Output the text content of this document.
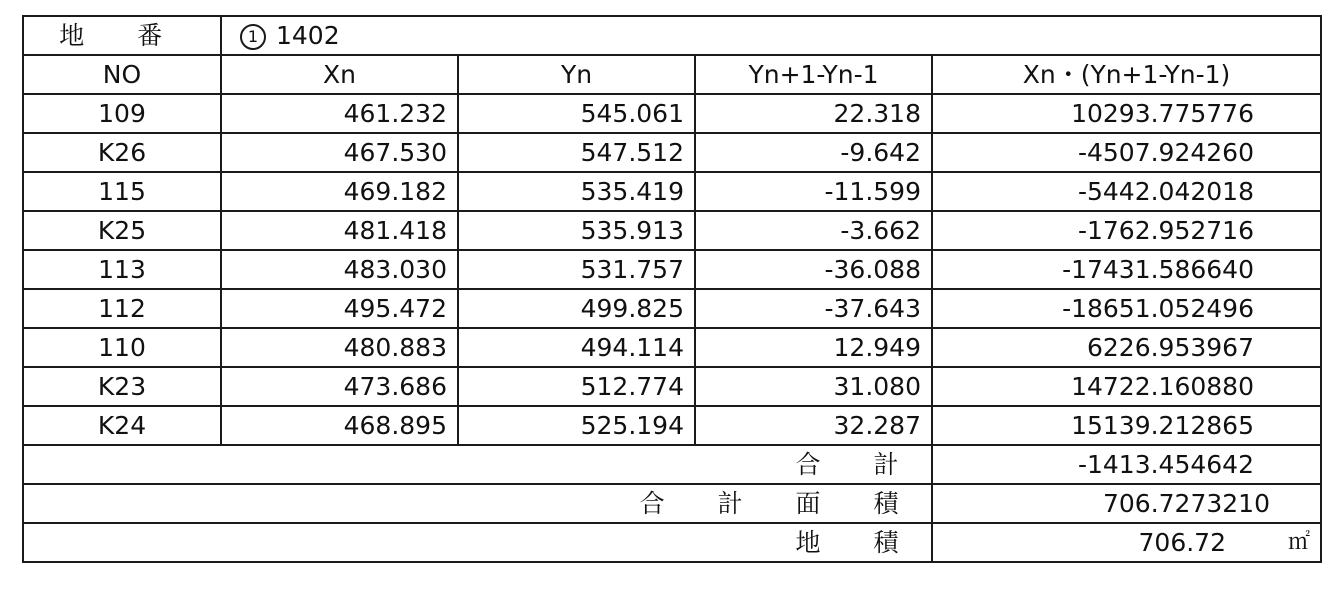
地 番	1 1402			
NO	Xn	Yn	Yn+1-Yn-1	Xn・(Yn+1-Yn-1)
109	461.232	545.061	22.318	10293.775776
K26	467.530	547.512	-9.642	-4507.924260
115	469.182	535.419	-11.599	-5442.042018
K25	481.418	535.913	-3.662	-1762.952716
113	483.030	531.757	-36.088	-17431.586640
112	495.472	499.825	-37.643	-18651.052496
110	480.883	494.114	12.949	6226.953967
K23	473.686	512.774	31.080	14722.160880
K24	468.895	525.194	32.287	15139.212865
合 計				-1413.454642
合 計 面 積				706.7273210
地 積				706.72 ㎡
